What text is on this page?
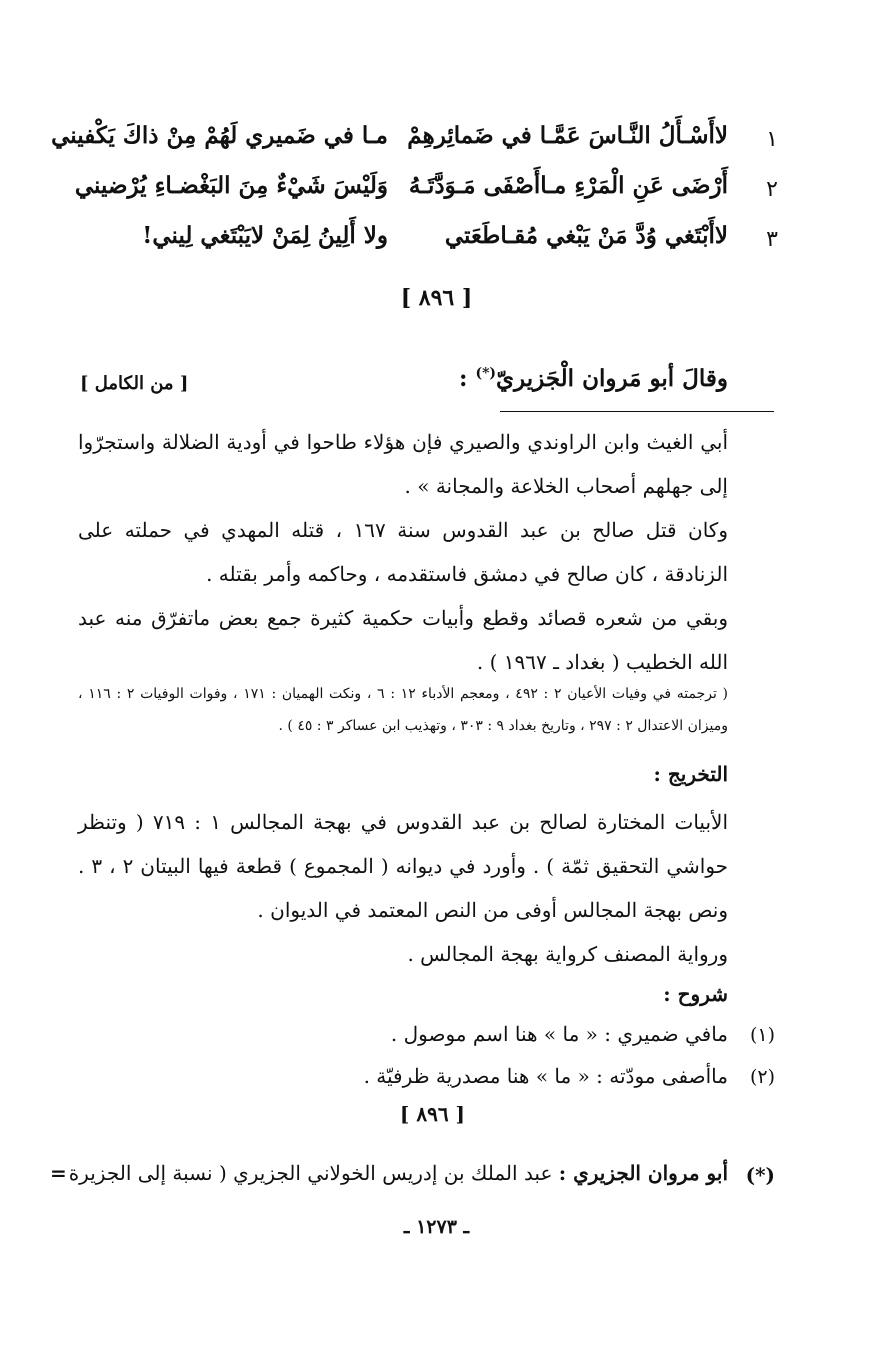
١
لاأَسْـأَلُ النَّـاسَ عَمَّـا في ضَمائِرهِمْ
مـا في ضَميري لَهُمْ مِنْ ذاكَ يَكْفيني
٢
أَرْضَى عَنِ الْمَرْءِ مـاأَصْفَى مَـوَدَّتَـهُ
وَلَيْسَ شَيْءٌ مِنَ البَغْضـاءِ يُرْضيني
٣
لاأَبْتَغي وُدَّ مَنْ يَبْغي مُقـاطَعَتي
ولا أَلِينُ لِمَنْ لايَبْتَغي لِيني!
[ ٨٩٦ ]
وقالَ أبو مَروان الْجَزيريّ(*) :
[ من الكامل ]
أبي الغيث وابن الراوندي والصيري فإن هؤلاء طاحوا في أودية الضلالة واستجرّوا إلى جهلهم أصحاب الخلاعة والمجانة » .
وكان قتل صالح بن عبد القدوس سنة ١٦٧ ، قتله المهدي في حملته على الزنادقة ، كان صالح في دمشق فاستقدمه ، وحاكمه وأمر بقتله .
وبقي من شعره قصائد وقطع وأبيات حكمية كثيرة جمع بعض ماتفرّق منه عبد الله الخطيب ( بغداد ـ ١٩٦٧ ) .
( ترجمته في وفيات الأعيان ٢ : ٤٩٢ ، ومعجم الأدباء ١٢ : ٦ ، ونكت الهميان : ١٧١ ، وفوات الوفيات ٢ : ١١٦ ، وميزان الاعتدال ٢ : ٢٩٧ ، وتاريخ بغداد ٩ : ٣٠٣ ، وتهذيب ابن عساكر ٣ : ٤٥ ) .
التخريج :
الأبيات المختارة لصالح بن عبد القدوس في بهجة المجالس ١ : ٧١٩ ( وتنظر حواشي التحقيق ثمّة ) . وأورد في ديوانه ( المجموع ) قطعة فيها البيتان ٢ ، ٣ . ونص بهجة المجالس أوفى من النص المعتمد في الديوان .
ورواية المصنف كرواية بهجة المجالس .
شروح :
(١)
مافي ضميري : « ما » هنا اسم موصول .
(٢)
ماأصفى مودّته : « ما » هنا مصدرية ظرفيّة .
[ ٨٩٦ ]
(*)
أبو مروان الجزيري : عبد الملك بن إدريس الخولاني الجزيري ( نسبة إلى الجزيرة
=
ـ ١٢٧٣ ـ
